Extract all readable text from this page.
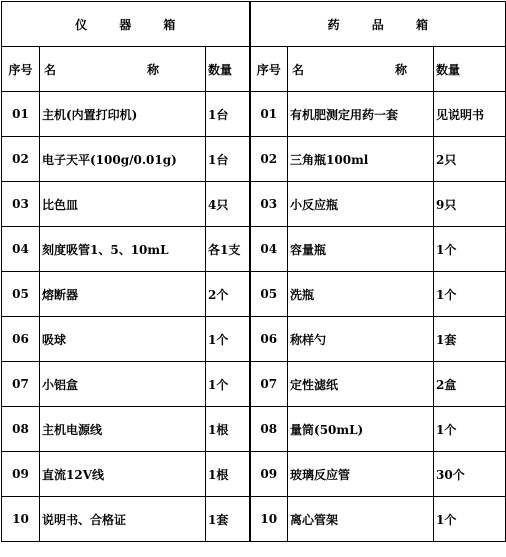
仪 器 箱			药 品 箱		
序号	名 称	数量	序号	名 称	数量
01	主机(内置打印机)	1台	01	有机肥测定用药一套	见说明书
02	电子天平(100g/0.01g)	1台	02	三角瓶100ml	2只
03	比色皿	4只	03	小反应瓶	9只
04	刻度吸管1、5、10mL	各1支	04	容量瓶	1个
05	熔断器	2个	05	洗瓶	1个
06	吸球	1个	06	称样勺	1套
07	小铝盒	1个	07	定性滤纸	2盒
08	主机电源线	1根	08	量筒(50mL)	1个
09	直流12V线	1根	09	玻璃反应管	30个
10	说明书、合格证	1套	10	离心管架	1个
